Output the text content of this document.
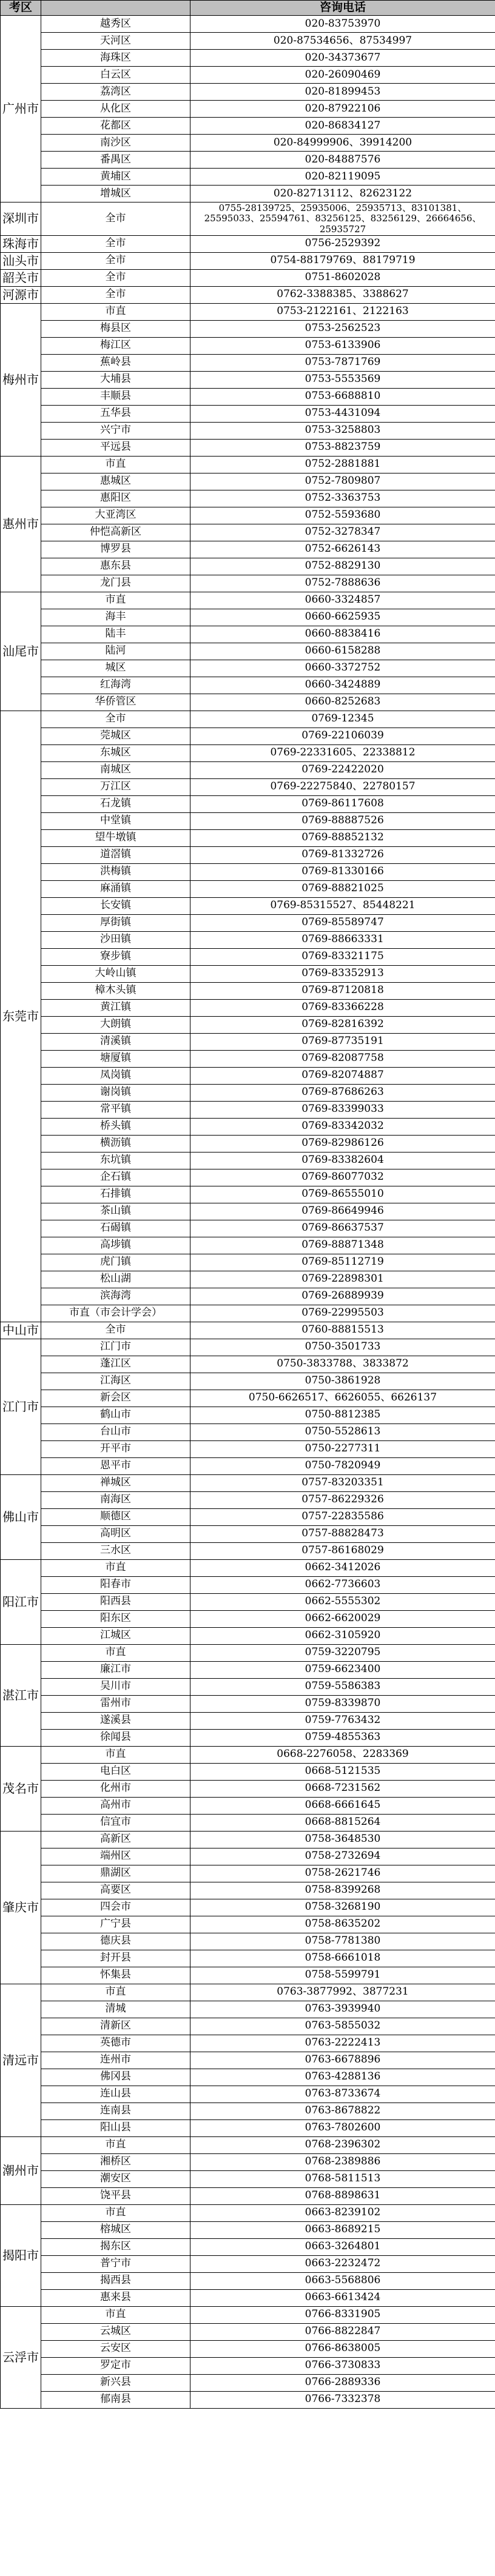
考区		咨询电话
广州市	越秀区	020-83753970
	天河区	020-87534656、87534997
	海珠区	020-34373677
	白云区	020-26090469
	荔湾区	020-81899453
	从化区	020-87922106
	花都区	020-86834127
	南沙区	020-84999906、39914200
	番禺区	020-84887576
	黄埔区	020-82119095
	增城区	020-82713112、82623122
深圳市	全市	0755-28139725、25935006、25935713、83101381、25595033、25594761、83256125、83256129、26664656、25935727
珠海市	全市	0756-2529392
汕头市	全市	0754-88179769、88179719
韶关市	全市	0751-8602028
河源市	全市	0762-3388385、3388627
梅州市	市直	0753-2122161、2122163
	梅县区	0753-2562523
	梅江区	0753-6133906
	蕉岭县	0753-7871769
	大埔县	0753-5553569
	丰顺县	0753-6688810
	五华县	0753-4431094
	兴宁市	0753-3258803
	平远县	0753-8823759
惠州市	市直	0752-2881881
	惠城区	0752-7809807
	惠阳区	0752-3363753
	大亚湾区	0752-5593680
	仲恺高新区	0752-3278347
	博罗县	0752-6626143
	惠东县	0752-8829130
	龙门县	0752-7888636
汕尾市	市直	0660-3324857
	海丰	0660-6625935
	陆丰	0660-8838416
	陆河	0660-6158288
	城区	0660-3372752
	红海湾	0660-3424889
	华侨管区	0660-8252683
东莞市	全市	0769-12345
	莞城区	0769-22106039
	东城区	0769-22331605、22338812
	南城区	0769-22422020
	万江区	0769-22275840、22780157
	石龙镇	0769-86117608
	中堂镇	0769-88887526
	望牛墩镇	0769-88852132
	道滘镇	0769-81332726
	洪梅镇	0769-81330166
	麻涌镇	0769-88821025
	长安镇	0769-85315527、85448221
	厚街镇	0769-85589747
	沙田镇	0769-88663331
	寮步镇	0769-83321175
	大岭山镇	0769-83352913
	樟木头镇	0769-87120818
	黄江镇	0769-83366228
	大朗镇	0769-82816392
	清溪镇	0769-87735191
	塘厦镇	0769-82087758
	凤岗镇	0769-82074887
	谢岗镇	0769-87686263
	常平镇	0769-83399033
	桥头镇	0769-83342032
	横沥镇	0769-82986126
	东坑镇	0769-83382604
	企石镇	0769-86077032
	石排镇	0769-86555010
	茶山镇	0769-86649946
	石碣镇	0769-86637537
	高埗镇	0769-88871348
	虎门镇	0769-85112719
	松山湖	0769-22898301
	滨海湾	0769-26889939
	市直（市会计学会）	0769-22995503
中山市	全市	0760-88815513
江门市	江门市	0750-3501733
	蓬江区	0750-3833788、3833872
	江海区	0750-3861928
	新会区	0750-6626517、6626055、6626137
	鹤山市	0750-8812385
	台山市	0750-5528613
	开平市	0750-2277311
	恩平市	0750-7820949
佛山市	禅城区	0757-83203351
	南海区	0757-86229326
	顺德区	0757-22835586
	高明区	0757-88828473
	三水区	0757-86168029
阳江市	市直	0662-3412026
	阳春市	0662-7736603
	阳西县	0662-5555302
	阳东区	0662-6620029
	江城区	0662-3105920
湛江市	市直	0759-3220795
	廉江市	0759-6623400
	吴川市	0759-5586383
	雷州市	0759-8339870
	遂溪县	0759-7763432
	徐闻县	0759-4855363
茂名市	市直	0668-2276058、2283369
	电白区	0668-5121535
	化州市	0668-7231562
	高州市	0668-6661645
	信宜市	0668-8815264
肇庆市	高新区	0758-3648530
	端州区	0758-2732694
	鼎湖区	0758-2621746
	高要区	0758-8399268
	四会市	0758-3268190
	广宁县	0758-8635202
	德庆县	0758-7781380
	封开县	0758-6661018
	怀集县	0758-5599791
清远市	市直	0763-3877992、3877231
	清城	0763-3939940
	清新区	0763-5855032
	英德市	0763-2222413
	连州市	0763-6678896
	佛冈县	0763-4288136
	连山县	0763-8733674
	连南县	0763-8678822
	阳山县	0763-7802600
潮州市	市直	0768-2396302
	湘桥区	0768-2389886
	潮安区	0768-5811513
	饶平县	0768-8898631
揭阳市	市直	0663-8239102
	榕城区	0663-8689215
	揭东区	0663-3264801
	普宁市	0663-2232472
	揭西县	0663-5568806
	惠来县	0663-6613424
云浮市	市直	0766-8331905
	云城区	0766-8822847
	云安区	0766-8638005
	罗定市	0766-3730833
	新兴县	0766-2889336
	郁南县	0766-7332378
